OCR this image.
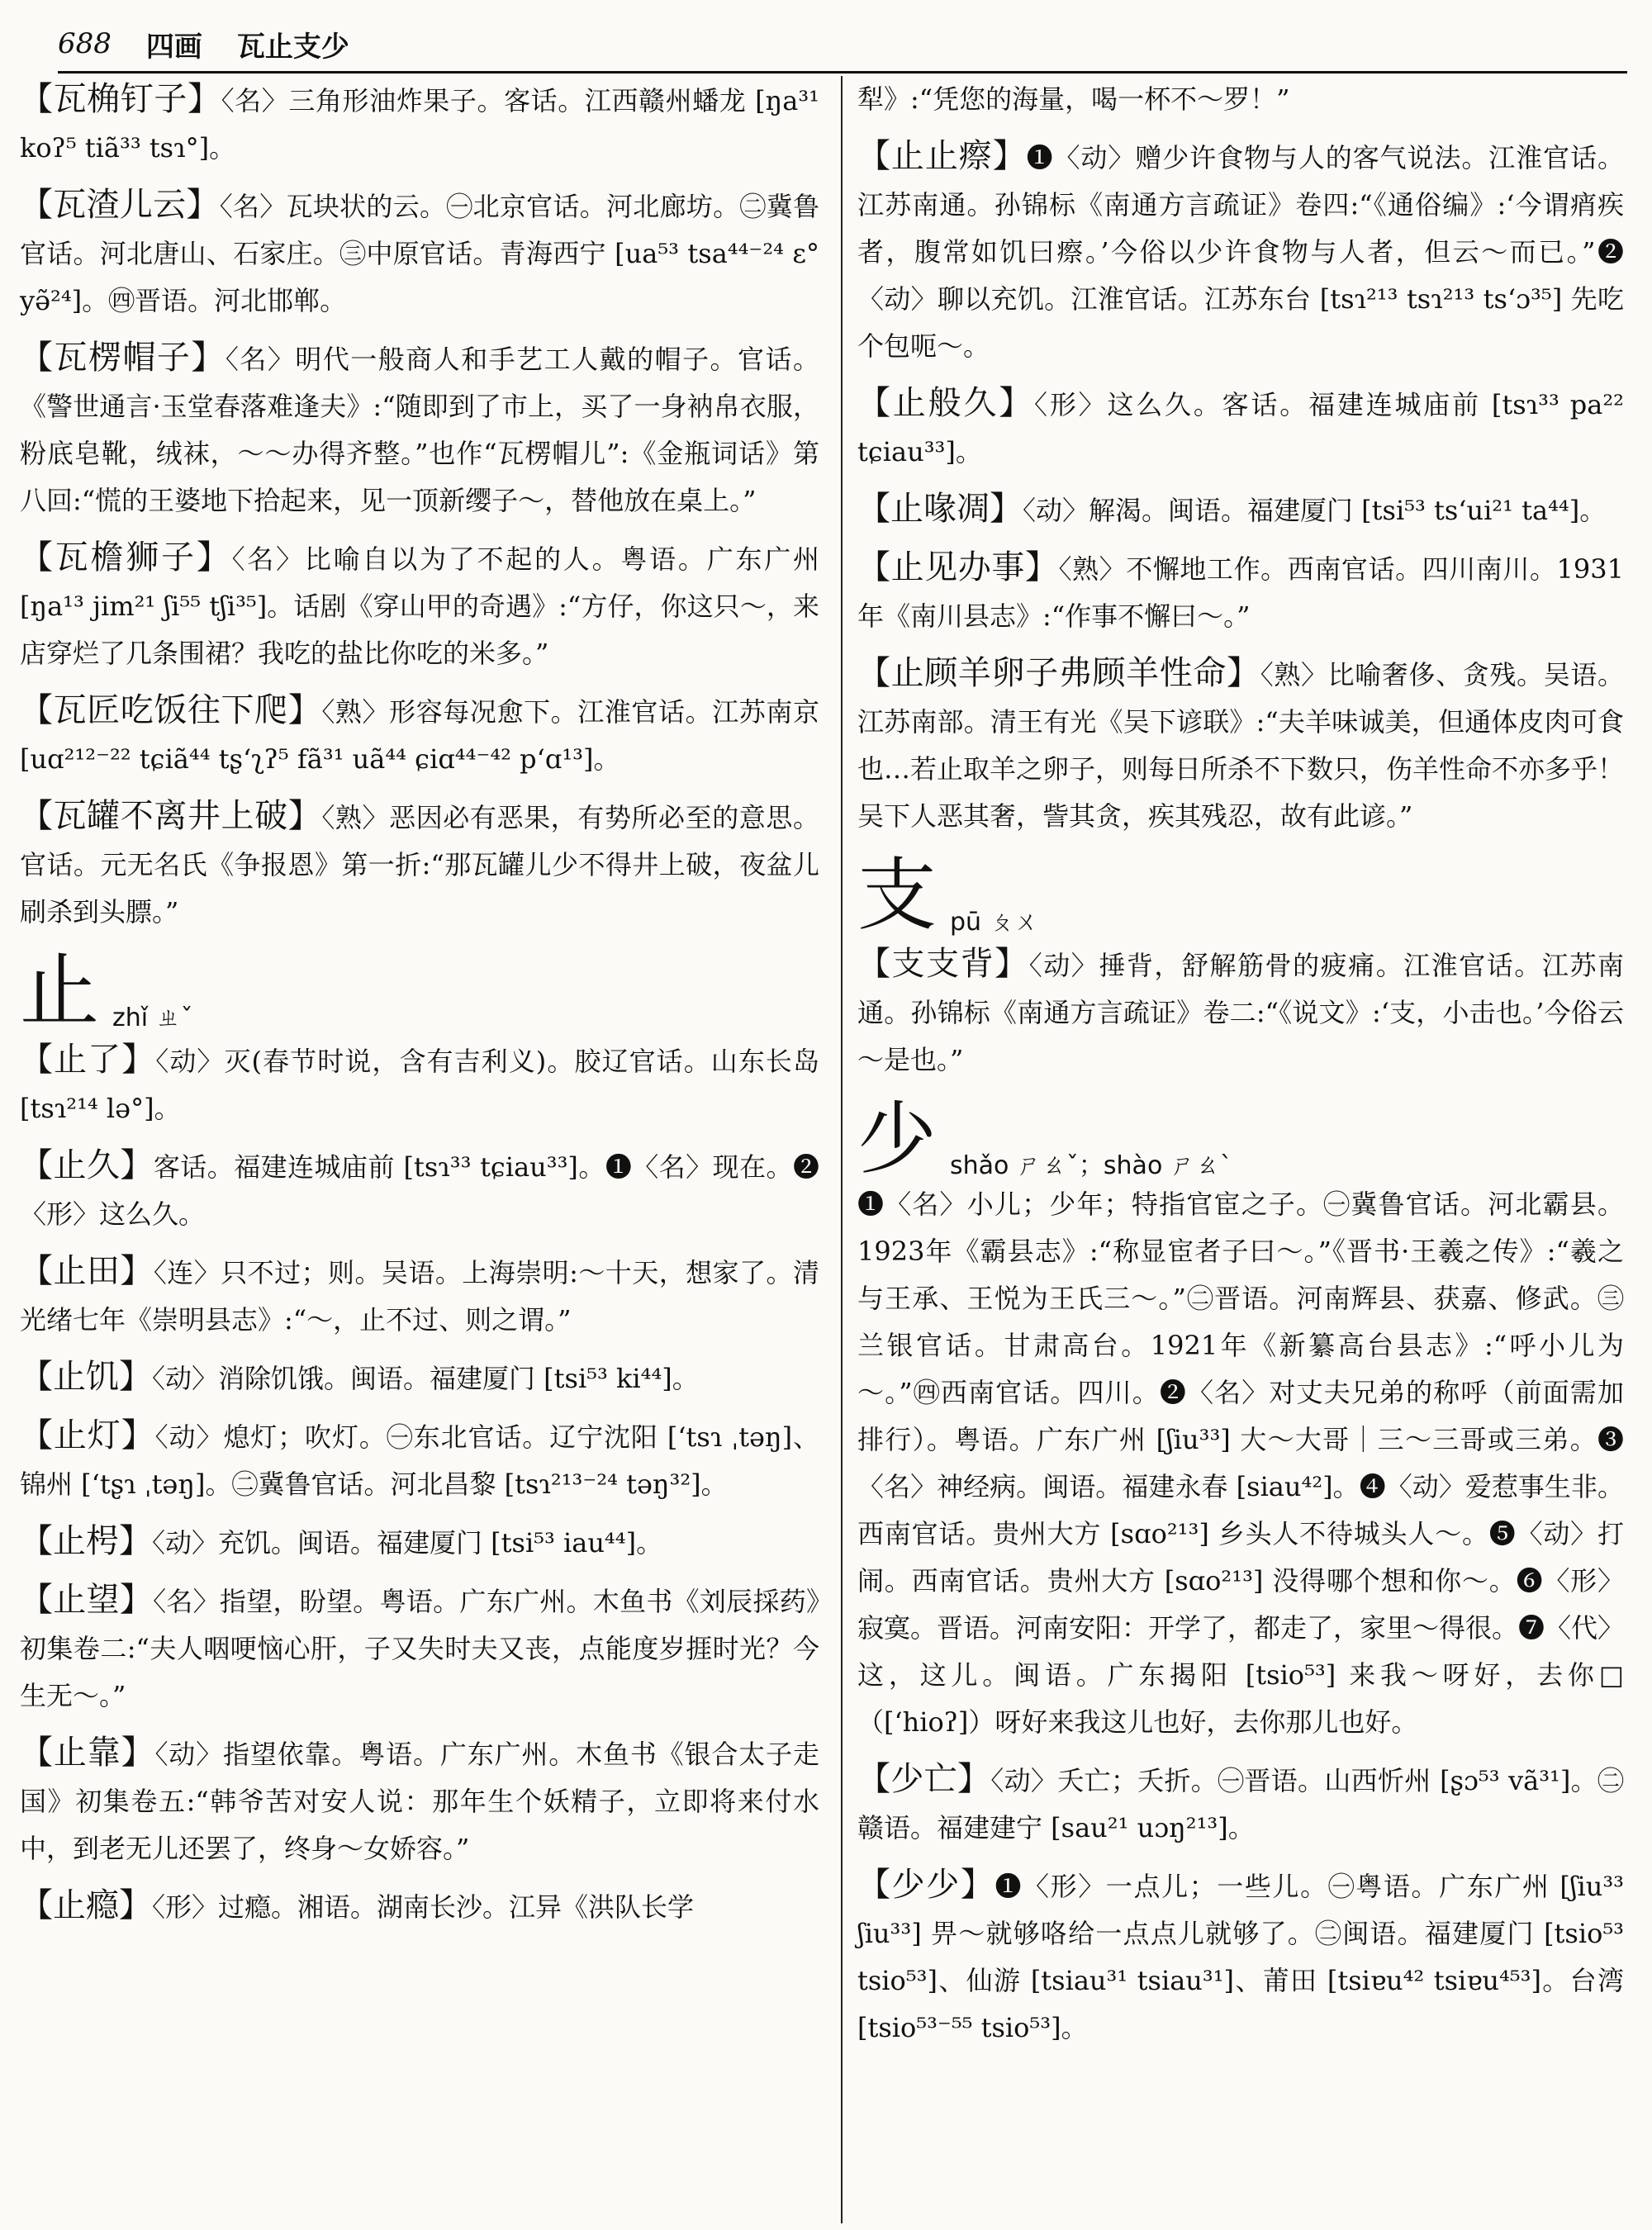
688 四画 瓦止支少
【瓦桷钉子】〈名〉三角形油炸果子。客话。江西赣州蟠龙 [ŋa³¹ koʔ⁵ tiã³³ tsɿ°]。
【瓦渣儿云】〈名〉瓦块状的云。㊀北京官话。河北廊坊。㊁冀鲁官话。河北唐山、石家庄。㊂中原官话。青海西宁 [ua⁵³ tsa⁴⁴⁻²⁴ ε° yə̃²⁴]。㊃晋语。河北邯郸。
【瓦楞帽子】〈名〉明代一般商人和手艺工人戴的帽子。官话。《警世通言·玉堂春落难逢夫》:“随即到了市上，买了一身衲帛衣服，粉底皂靴，绒袜，～～办得齐整。”也作“瓦楞帽儿”:《金瓶词话》第八回:“慌的王婆地下拾起来，见一顶新缨子～，替他放在桌上。”
【瓦檐狮子】〈名〉比喻自以为了不起的人。粤语。广东广州 [ŋa¹³ jim²¹ ʃi⁵⁵ tʃi³⁵]。话剧《穿山甲的奇遇》:“方仔，你这只～，来店穿烂了几条围裙？我吃的盐比你吃的米多。”
【瓦匠吃饭往下爬】〈熟〉形容每况愈下。江淮官话。江苏南京 [uɑ²¹²⁻²² tɕiã⁴⁴ tʂʻʅʔ⁵ fã³¹ uã⁴⁴ ɕiɑ⁴⁴⁻⁴² pʻɑ¹³]。
【瓦罐不离井上破】〈熟〉恶因必有恶果，有势所必至的意思。官话。元无名氏《争报恩》第一折:“那瓦罐儿少不得井上破，夜盆儿刷杀到头膘。”
止 zhǐ ㄓˇ
【止了】〈动〉灭(春节时说，含有吉利义)。胶辽官话。山东长岛 [tsɿ²¹⁴ lə°]。
【止久】客话。福建连城庙前 [tsɿ³³ tɕiau³³]。❶〈名〉现在。❷〈形〉这么久。
【止田】〈连〉只不过；则。吴语。上海崇明:～十天，想家了。清光绪七年《崇明县志》:“～，止不过、则之谓。”
【止饥】〈动〉消除饥饿。闽语。福建厦门 [tsi⁵³ ki⁴⁴]。
【止灯】〈动〉熄灯；吹灯。㊀东北官话。辽宁沈阳 [ʻtsɿ ˌtəŋ]、锦州 [ʻtʂɿ ˌtəŋ]。㊁冀鲁官话。河北昌黎 [tsɿ²¹³⁻²⁴ təŋ³²]。
【止枵】〈动〉充饥。闽语。福建厦门 [tsi⁵³ iau⁴⁴]。
【止望】〈名〉指望，盼望。粤语。广东广州。木鱼书《刘辰採药》初集卷二:“夫人咽哽恼心肝，子又失时夫又丧，点能度岁捱时光？今生无～。”
【止靠】〈动〉指望依靠。粤语。广东广州。木鱼书《银合太子走国》初集卷五:“韩爷苦对安人说：那年生个妖精子，立即将来付水中，到老无儿还罢了，终身～女娇容。”
【止瘾】〈形〉过瘾。湘语。湖南长沙。江异《洪队长学
犁》:“凭您的海量，喝一杯不～罗！”
【止止瘵】❶〈动〉赠少许食物与人的客气说法。江淮官话。江苏南通。孙锦标《南通方言疏证》卷四:“《通俗编》:‘今谓痟疾者，腹常如饥曰瘵。’今俗以少许食物与人者，但云～而已。”❷〈动〉聊以充饥。江淮官话。江苏东台 [tsɿ²¹³ tsɿ²¹³ tsʻɔ³⁵] 先吃个包呃～。
【止般久】〈形〉这么久。客话。福建连城庙前 [tsɿ³³ pa²² tɕiau³³]。
【止喙凋】〈动〉解渴。闽语。福建厦门 [tsi⁵³ tsʻui²¹ ta⁴⁴]。
【止见办事】〈熟〉不懈地工作。西南官话。四川南川。1931年《南川县志》:“作事不懈曰～。”
【止顾羊卵子弗顾羊性命】〈熟〉比喻奢侈、贪残。吴语。江苏南部。清王有光《吴下谚联》:“夫羊味诚美，但通体皮肉可食也…若止取羊之卵子，则每日所杀不下数只，伤羊性命不亦多乎！吴下人恶其奢，訾其贪，疾其残忍，故有此谚。”
支 pū ㄆㄨ
【支支背】〈动〉捶背，舒解筋骨的疲痛。江淮官话。江苏南通。孙锦标《南通方言疏证》卷二:“《说文》:‘支，小击也。’今俗云～是也。”
少 shǎo ㄕㄠˇ；shào ㄕㄠˋ
❶〈名〉小儿；少年；特指官宦之子。㊀冀鲁官话。河北霸县。1923年《霸县志》:“称显宦者子曰～。”《晋书·王羲之传》:“羲之与王承、王悦为王氏三～。”㊁晋语。河南辉县、获嘉、修武。㊂兰银官话。甘肃高台。1921年《新纂高台县志》:“呼小儿为～。”㊃西南官话。四川。❷〈名〉对丈夫兄弟的称呼（前面需加排行）。粤语。广东广州 [ʃiu³³] 大～大哥｜三～三哥或三弟。❸〈名〉神经病。闽语。福建永春 [siau⁴²]。❹〈动〉爱惹事生非。西南官话。贵州大方 [sɑo²¹³] 乡头人不待城头人～。❺〈动〉打闹。西南官话。贵州大方 [sɑo²¹³] 没得哪个想和你～。❻〈形〉寂寞。晋语。河南安阳：开学了，都走了，家里～得很。❼〈代〉这，这儿。闽语。广东揭阳 [tsio⁵³] 来我～呀好，去你□（[ʻhioʔ]）呀好来我这儿也好，去你那儿也好。
【少亡】〈动〉夭亡；夭折。㊀晋语。山西忻州 [ʂɔ⁵³ vã³¹]。㊁赣语。福建建宁 [sau²¹ uɔŋ²¹³]。
【少少】❶〈形〉一点儿；一些儿。㊀粤语。广东广州 [ʃiu³³ ʃiu³³] 畀～就够咯给一点点儿就够了。㊁闽语。福建厦门 [tsio⁵³ tsio⁵³]、仙游 [tsiau³¹ tsiau³¹]、莆田 [tsiɐu⁴² tsiɐu⁴⁵³]。台湾 [tsio⁵³⁻⁵⁵ tsio⁵³]。
